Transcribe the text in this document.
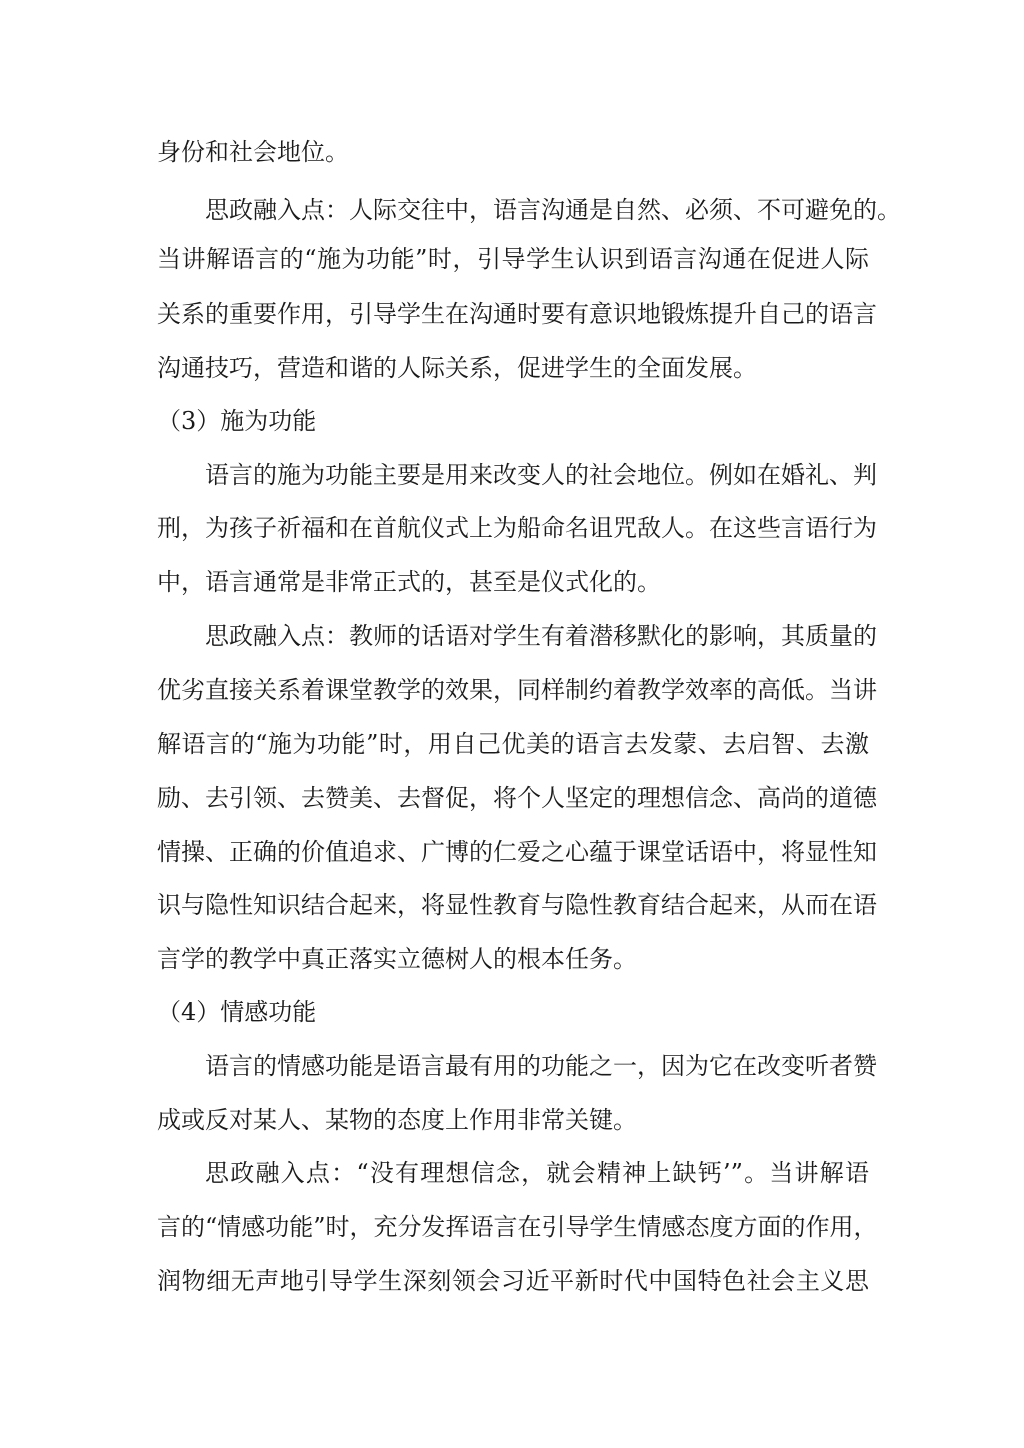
身份和社会地位。
思政融入点：人际交往中，语言沟通是自然、必须、不可避免的。
当讲解语言的“施为功能”时，引导学生认识到语言沟通在促进人际
关系的重要作用，引导学生在沟通时要有意识地锻炼提升自己的语言
沟通技巧，营造和谐的人际关系，促进学生的全面发展。
（3）施为功能
语言的施为功能主要是用来改变人的社会地位。例如在婚礼、判
刑，为孩子祈福和在首航仪式上为船命名诅咒敌人。在这些言语行为
中，语言通常是非常正式的，甚至是仪式化的。
思政融入点：教师的话语对学生有着潜移默化的影响，其质量的
优劣直接关系着课堂教学的效果，同样制约着教学效率的高低。当讲
解语言的“施为功能”时，用自己优美的语言去发蒙、去启智、去激
励、去引领、去赞美、去督促，将个人坚定的理想信念、高尚的道德
情操、正确的价值追求、广博的仁爱之心蕴于课堂话语中，将显性知
识与隐性知识结合起来，将显性教育与隐性教育结合起来，从而在语
言学的教学中真正落实立德树人的根本任务。
（4）情感功能
语言的情感功能是语言最有用的功能之一，因为它在改变听者赞
成或反对某人、某物的态度上作用非常关键。
思政融入点：“没有理想信念，就会精神上缺钙’”。当讲解语
言的“情感功能”时，充分发挥语言在引导学生情感态度方面的作用，
润物细无声地引导学生深刻领会习近平新时代中国特色社会主义思
